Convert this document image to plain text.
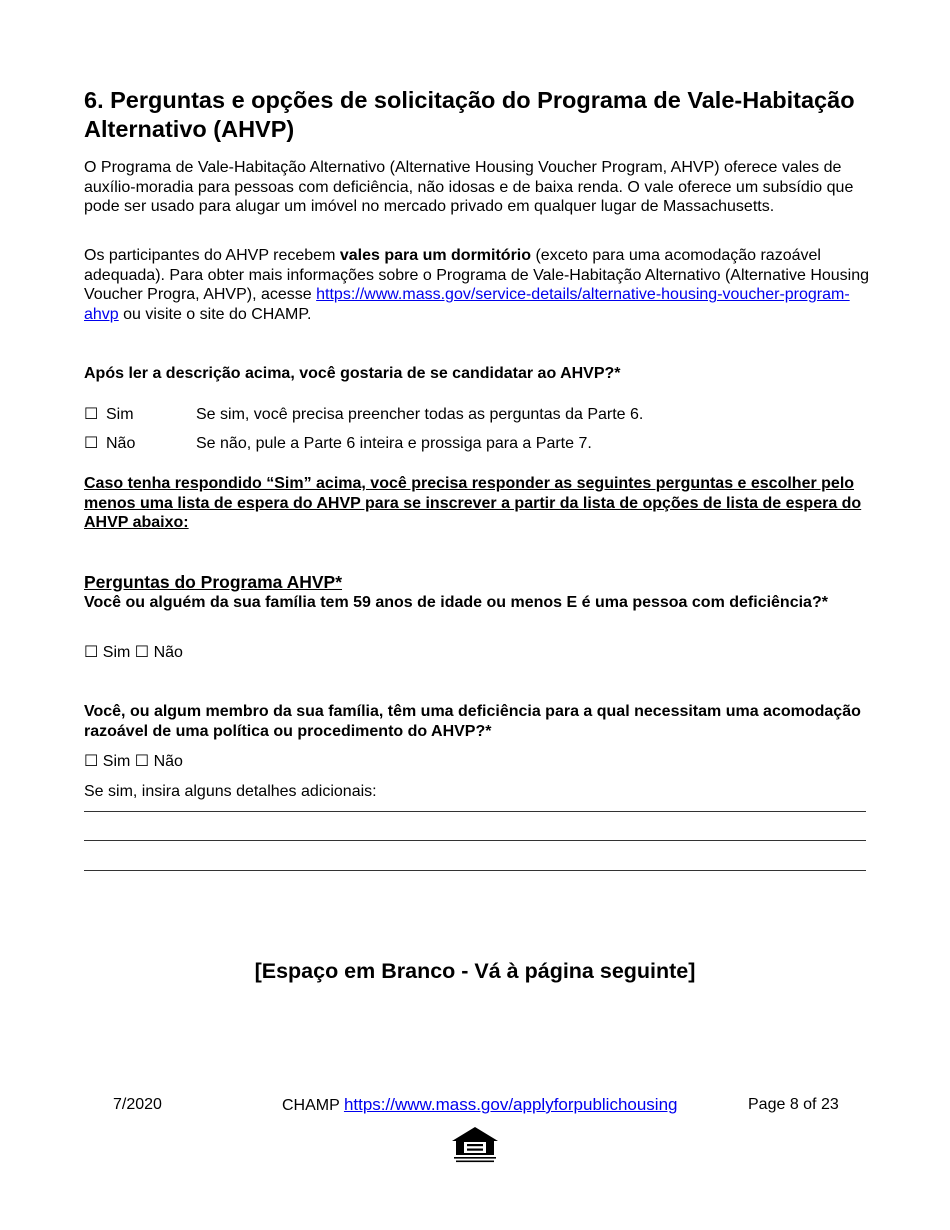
6. Perguntas e opções de solicitação do Programa de Vale-Habitação Alternativo (AHVP)

O Programa de Vale-Habitação Alternativo (Alternative Housing Voucher Program, AHVP) oferece vales de auxílio-moradia para pessoas com deficiência, não idosas e de baixa renda. O vale oferece um subsídio que pode ser usado para alugar um imóvel no mercado privado em qualquer lugar de Massachusetts.

Os participantes do AHVP recebem vales para um dormitório (exceto para uma acomodação razoável adequada). Para obter mais informações sobre o Programa de Vale-Habitação Alternativo (Alternative Housing Voucher Progra, AHVP), acesse https://www.mass.gov/service-details/alternative-housing-voucher-program-ahvp ou visite o site do CHAMP.

Após ler a descrição acima, você gostaria de se candidatar ao AHVP?*
☐ Sim	Se sim, você precisa preencher todas as perguntas da Parte 6.
☐ Não	Se não, pule a Parte 6 inteira e prossiga para a Parte 7.
Caso tenha respondido “Sim” acima, você precisa responder as seguintes perguntas e escolher pelo menos uma lista de espera do AHVP para se inscrever a partir da lista de opções de lista de espera do AHVP abaixo:
Perguntas do Programa AHVP*
Você ou alguém da sua família tem 59 anos de idade ou menos E é uma pessoa com deficiência?*
☐ Sim ☐ Não
Você, ou algum membro da sua família, têm uma deficiência para a qual necessitam uma acomodação razoável de uma política ou procedimento do AHVP?*
☐ Sim ☐ Não
Se sim, insira alguns detalhes adicionais:
[Espaço em Branco - Vá à página seguinte]
7/2020	CHAMP https://www.mass.gov/applyforpublichousing	Page 8 of 23
